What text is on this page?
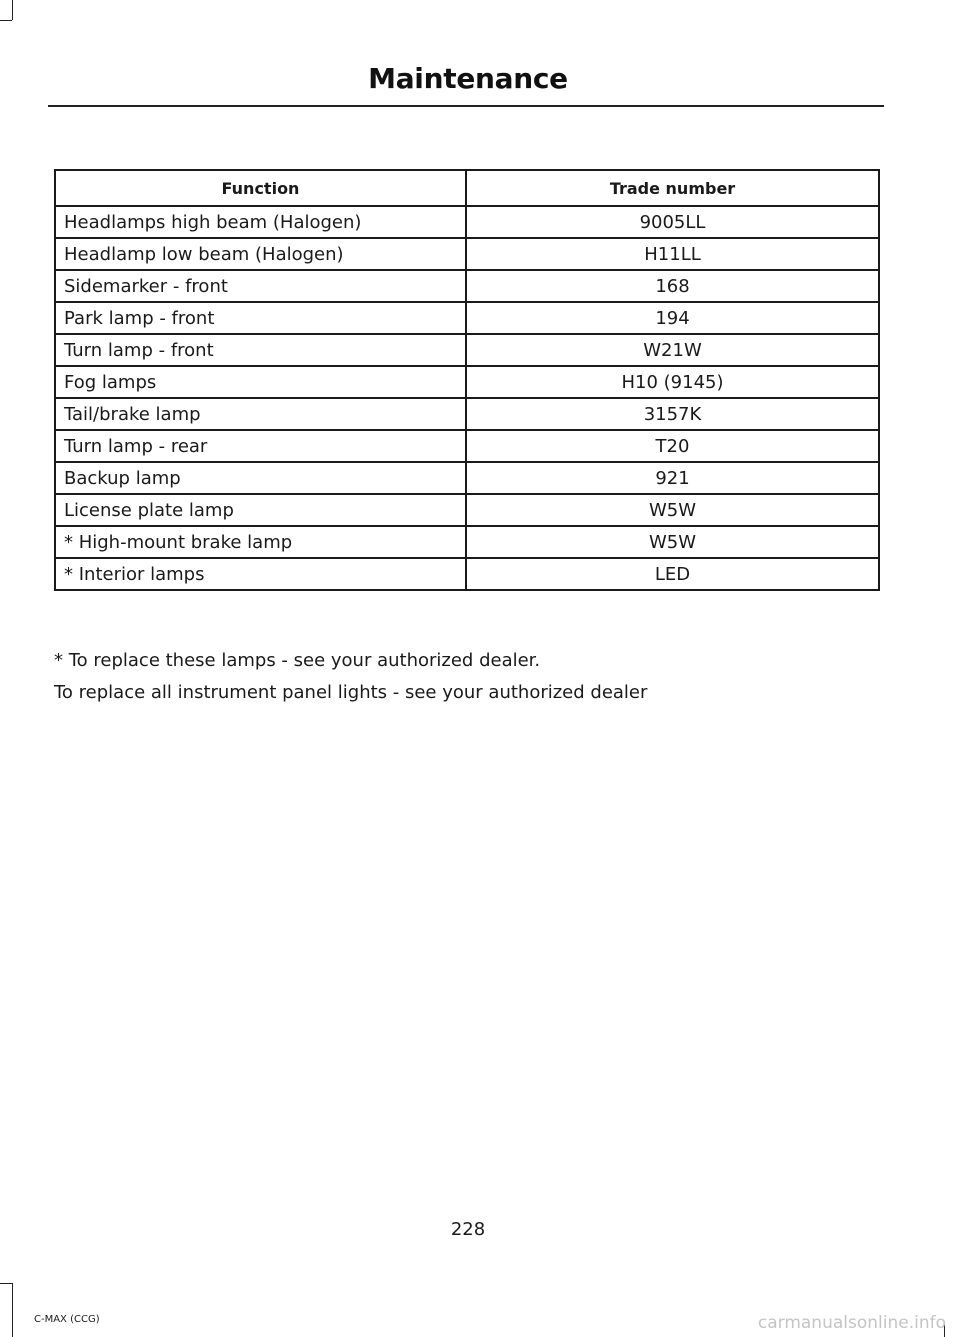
Maintenance
Function	Trade number
Headlamps high beam (Halogen)	9005LL
Headlamp low beam (Halogen)	H11LL
Sidemarker - front	168
Park lamp - front	194
Turn lamp - front	W21W
Fog lamps	H10 (9145)
Tail/brake lamp	3157K
Turn lamp - rear	T20
Backup lamp	921
License plate lamp	W5W
* High-mount brake lamp	W5W
* Interior lamps	LED
* To replace these lamps - see your authorized dealer.
To replace all instrument panel lights - see your authorized dealer
228
C-MAX (CCG)	carmanualsonline.info
